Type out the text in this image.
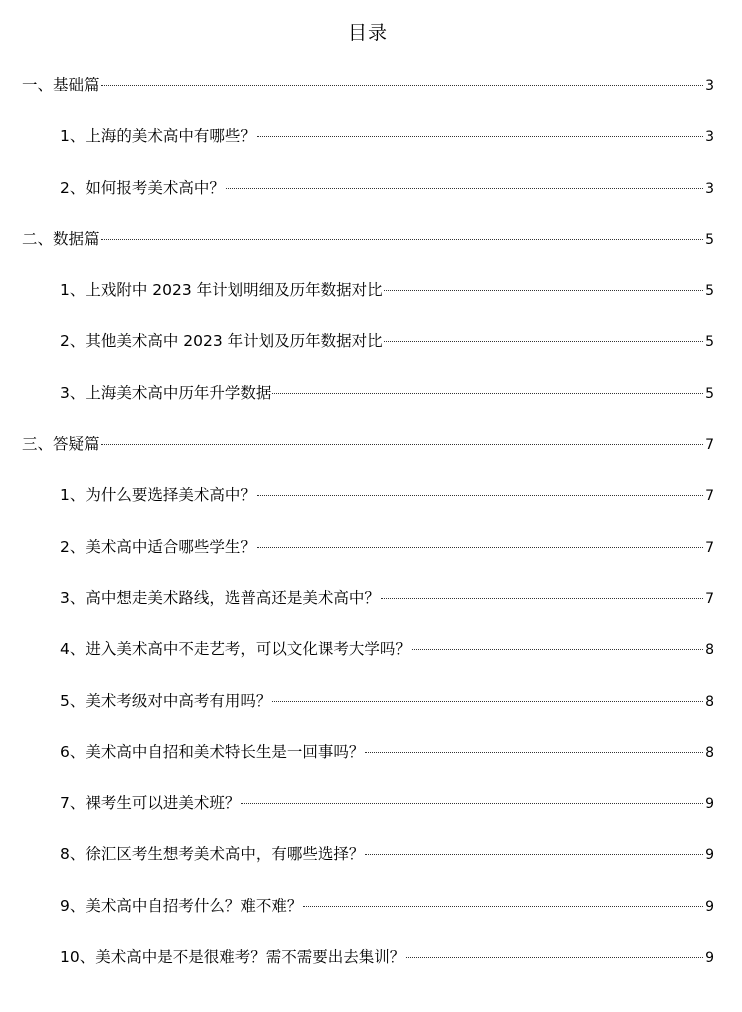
目录
一、基础篇	3
1、上海的美术高中有哪些？	3
2、如何报考美术高中？	3
二、数据篇	5
1、上戏附中 2023 年计划明细及历年数据对比	5
2、其他美术高中 2023 年计划及历年数据对比	5
3、上海美术高中历年升学数据	5
三、答疑篇	7
1、为什么要选择美术高中？	7
2、美术高中适合哪些学生？	7
3、高中想走美术路线，选普高还是美术高中？	7
4、进入美术高中不走艺考，可以文化课考大学吗？	8
5、美术考级对中高考有用吗？	8
6、美术高中自招和美术特长生是一回事吗？	8
7、裸考生可以进美术班？	9
8、徐汇区考生想考美术高中，有哪些选择？	9
9、美术高中自招考什么？难不难？	9
10、美术高中是不是很难考？需不需要出去集训？	9
